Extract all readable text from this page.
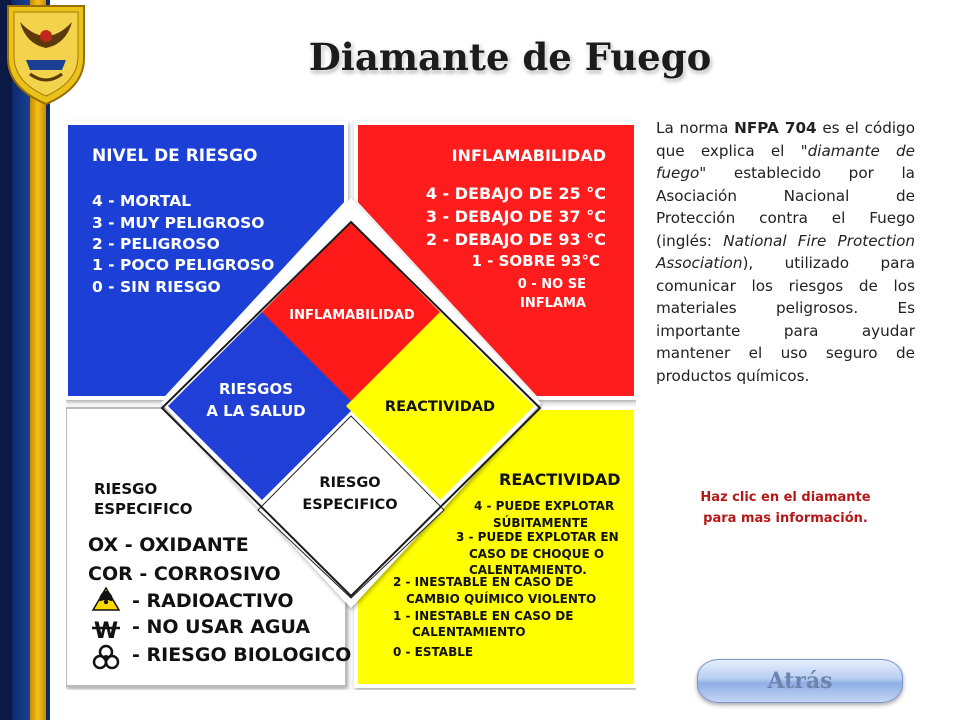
Diamante de Fuego
NIVEL DE RIESGO
4 - MORTAL
3 - MUY PELIGROSO
2 - PELIGROSO
1 - POCO PELIGROSO
0 - SIN RIESGO
INFLAMABILIDAD
4 - DEBAJO DE 25 °C
3 - DEBAJO DE 37 °C
2 - DEBAJO DE 93 °C
1 - SOBRE 93°C
0 - NO SE
INFLAMA
RIESGO
ESPECIFICO
OX - OXIDANTE
COR - CORROSIVO
- RADIOACTIVO
- NO USAR AGUA
- RIESGO BIOLOGICO
W
REACTIVIDAD
4 - PUEDE EXPLOTAR
SÚBITAMENTE
3 - PUEDE EXPLOTAR EN
CASO DE CHOQUE O
CALENTAMIENTO.
2 - INESTABLE EN CASO DE
CAMBIO QUÍMICO VIOLENTO
1 - INESTABLE EN CASO DE
CALENTAMIENTO
0 - ESTABLE
INFLAMABILIDAD
RIESGOS
A LA SALUD	REACTIVIDAD
RIESGO
ESPECIFICO
La norma NFPA 704 es el código que explica el "diamante de fuego" establecido por la Asociación Nacional de Protección contra el Fuego (inglés: National Fire Protection Association), utilizado para comunicar los riesgos de los materiales peligrosos. Es importante para ayudar mantener el uso seguro de productos químicos.
Haz clic en el diamante
para mas información.
Atrás
